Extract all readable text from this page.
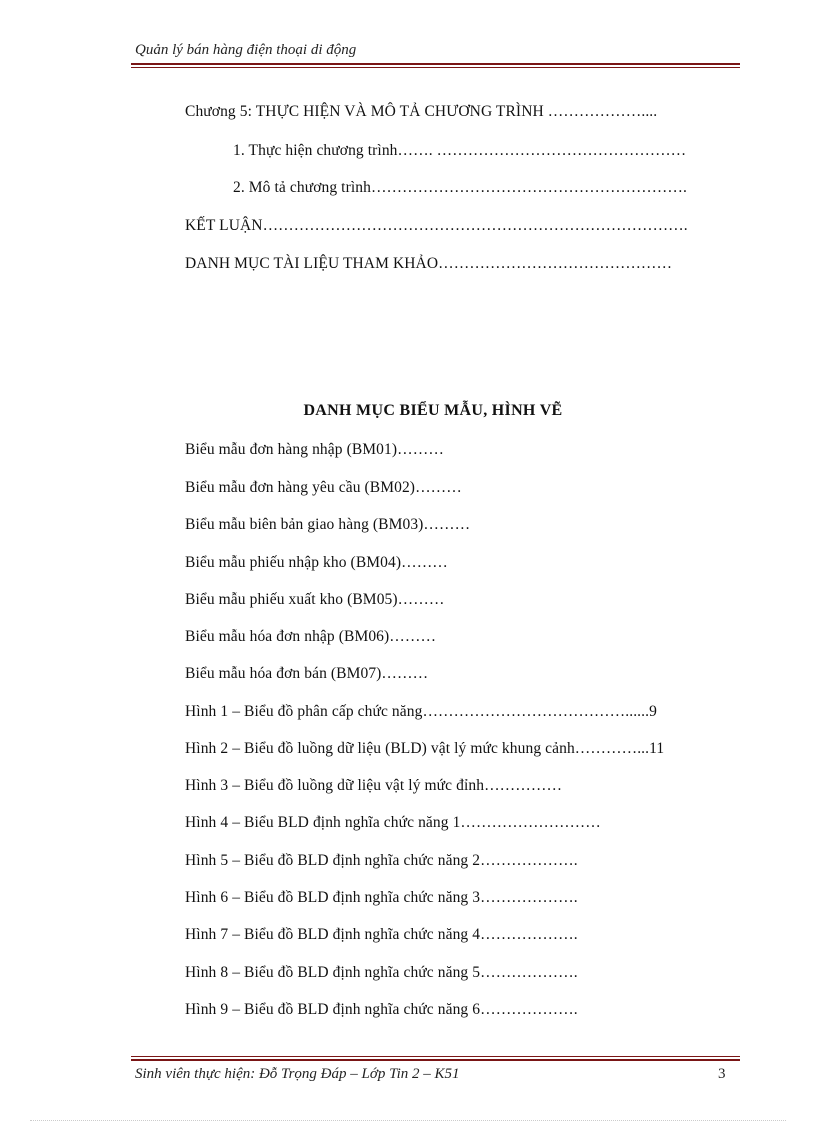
Quản lý bán hàng điện thoại di động
Chương 5: THỰC HIỆN VÀ MÔ TẢ CHƯƠNG TRÌNH ………………....
1. Thực hiện chương trình……. …………………………………………
2. Mô tả chương trình…………………………………………………….
KẾT LUẬN……………………………………………………………………….
DANH MỤC TÀI LIỆU THAM KHẢO………………………………………
DANH MỤC BIỂU MẪU, HÌNH VẼ
Biểu mẫu đơn hàng nhập (BM01)………
Biểu mẫu đơn hàng yêu cầu (BM02)………
Biểu mẫu biên bản giao hàng (BM03)………
Biểu mẫu phiếu nhập kho (BM04)………
Biểu mẫu phiếu xuất kho (BM05)………
Biểu mẫu hóa đơn nhập (BM06)………
Biểu mẫu hóa đơn bán (BM07)………
Hình 1 – Biểu đồ phân cấp chức năng…………………………………......9
Hình 2 – Biểu đồ luồng dữ liệu (BLD) vật lý mức khung cảnh…………...11
Hình 3 – Biểu đồ luồng dữ liệu vật lý mức đỉnh……………
Hình 4 – Biểu BLD định nghĩa chức năng 1………………………
Hình 5 – Biểu đồ BLD định nghĩa chức năng 2……………….
Hình 6 – Biểu đồ BLD định nghĩa chức năng 3……………….
Hình 7 – Biểu đồ BLD định nghĩa chức năng 4……………….
Hình 8 – Biểu đồ BLD định nghĩa chức năng 5……………….
Hình 9 – Biểu đồ BLD định nghĩa chức năng 6……………….
Sinh viên thực hiện: Đỗ Trọng Đáp – Lớp Tin 2 – K51	3
